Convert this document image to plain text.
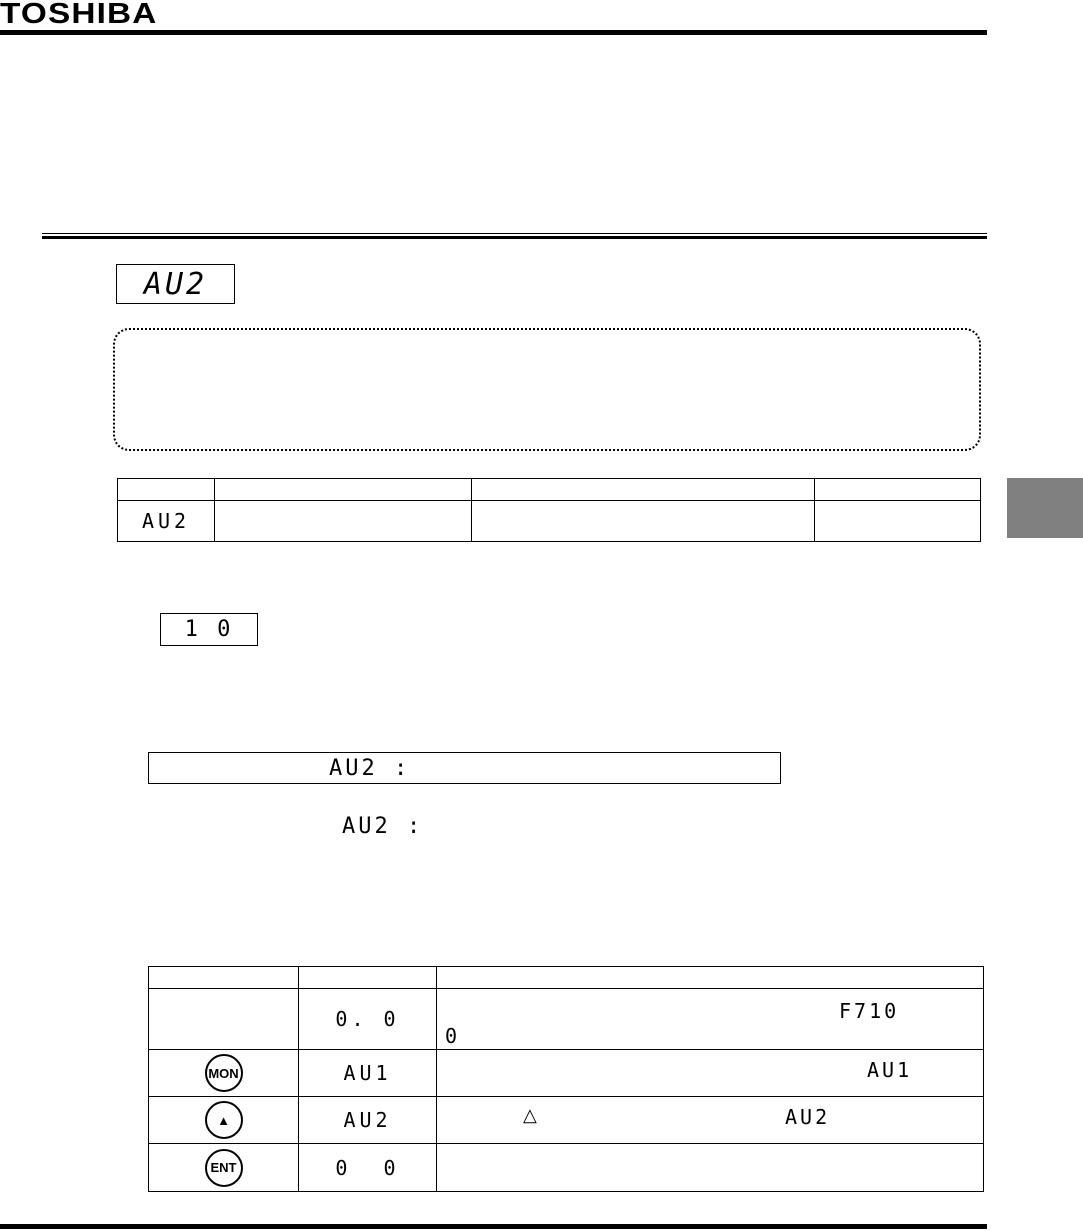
TOSHIBA
AU2

AU2			
1 0
AU2 :
AU2 :

	0. 0	F710
0

MON	AU1	AU1

▲	AU2	△ AU2

ENT	0  0	
